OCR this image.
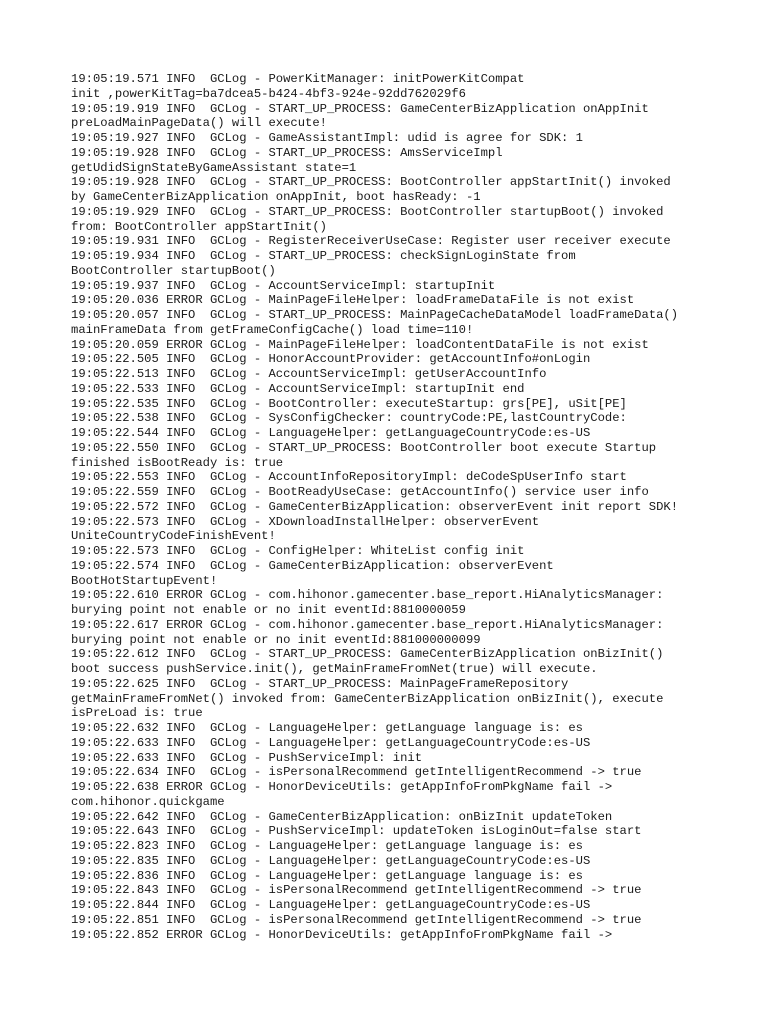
19:05:19.571 INFO  GCLog - PowerKitManager: initPowerKitCompat

init ,powerKitTag=ba7dcea5-b424-4bf3-924e-92dd762029f6

19:05:19.919 INFO  GCLog - START_UP_PROCESS: GameCenterBizApplication onAppInit

preLoadMainPageData() will execute!

19:05:19.927 INFO  GCLog - GameAssistantImpl: udid is agree for SDK: 1

19:05:19.928 INFO  GCLog - START_UP_PROCESS: AmsServiceImpl

getUdidSignStateByGameAssistant state=1

19:05:19.928 INFO  GCLog - START_UP_PROCESS: BootController appStartInit() invoked

by GameCenterBizApplication onAppInit, boot hasReady: -1

19:05:19.929 INFO  GCLog - START_UP_PROCESS: BootController startupBoot() invoked

from: BootController appStartInit()

19:05:19.931 INFO  GCLog - RegisterReceiverUseCase: Register user receiver execute

19:05:19.934 INFO  GCLog - START_UP_PROCESS: checkSignLoginState from

BootController startupBoot()

19:05:19.937 INFO  GCLog - AccountServiceImpl: startupInit

19:05:20.036 ERROR GCLog - MainPageFileHelper: loadFrameDataFile is not exist

19:05:20.057 INFO  GCLog - START_UP_PROCESS: MainPageCacheDataModel loadFrameData()

mainFrameData from getFrameConfigCache() load time=110!

19:05:20.059 ERROR GCLog - MainPageFileHelper: loadContentDataFile is not exist

19:05:22.505 INFO  GCLog - HonorAccountProvider: getAccountInfo#onLogin

19:05:22.513 INFO  GCLog - AccountServiceImpl: getUserAccountInfo

19:05:22.533 INFO  GCLog - AccountServiceImpl: startupInit end

19:05:22.535 INFO  GCLog - BootController: executeStartup: grs[PE], uSit[PE]

19:05:22.538 INFO  GCLog - SysConfigChecker: countryCode:PE,lastCountryCode:

19:05:22.544 INFO  GCLog - LanguageHelper: getLanguageCountryCode:es-US

19:05:22.550 INFO  GCLog - START_UP_PROCESS: BootController boot execute Startup

finished isBootReady is: true

19:05:22.553 INFO  GCLog - AccountInfoRepositoryImpl: deCodeSpUserInfo start

19:05:22.559 INFO  GCLog - BootReadyUseCase: getAccountInfo() service user info

19:05:22.572 INFO  GCLog - GameCenterBizApplication: observerEvent init report SDK!

19:05:22.573 INFO  GCLog - XDownloadInstallHelper: observerEvent

UniteCountryCodeFinishEvent!

19:05:22.573 INFO  GCLog - ConfigHelper: WhiteList config init

19:05:22.574 INFO  GCLog - GameCenterBizApplication: observerEvent

BootHotStartupEvent!

19:05:22.610 ERROR GCLog - com.hihonor.gamecenter.base_report.HiAnalyticsManager:

burying point not enable or no init eventId:8810000059

19:05:22.617 ERROR GCLog - com.hihonor.gamecenter.base_report.HiAnalyticsManager:

burying point not enable or no init eventId:881000000099

19:05:22.612 INFO  GCLog - START_UP_PROCESS: GameCenterBizApplication onBizInit()

boot success pushService.init(), getMainFrameFromNet(true) will execute.

19:05:22.625 INFO  GCLog - START_UP_PROCESS: MainPageFrameRepository

getMainFrameFromNet() invoked from: GameCenterBizApplication onBizInit(), execute

isPreLoad is: true

19:05:22.632 INFO  GCLog - LanguageHelper: getLanguage language is: es

19:05:22.633 INFO  GCLog - LanguageHelper: getLanguageCountryCode:es-US

19:05:22.633 INFO  GCLog - PushServiceImpl: init

19:05:22.634 INFO  GCLog - isPersonalRecommend getIntelligentRecommend -> true

19:05:22.638 ERROR GCLog - HonorDeviceUtils: getAppInfoFromPkgName fail ->

com.hihonor.quickgame

19:05:22.642 INFO  GCLog - GameCenterBizApplication: onBizInit updateToken

19:05:22.643 INFO  GCLog - PushServiceImpl: updateToken isLoginOut=false start

19:05:22.823 INFO  GCLog - LanguageHelper: getLanguage language is: es

19:05:22.835 INFO  GCLog - LanguageHelper: getLanguageCountryCode:es-US

19:05:22.836 INFO  GCLog - LanguageHelper: getLanguage language is: es

19:05:22.843 INFO  GCLog - isPersonalRecommend getIntelligentRecommend -> true

19:05:22.844 INFO  GCLog - LanguageHelper: getLanguageCountryCode:es-US

19:05:22.851 INFO  GCLog - isPersonalRecommend getIntelligentRecommend -> true

19:05:22.852 ERROR GCLog - HonorDeviceUtils: getAppInfoFromPkgName fail ->
